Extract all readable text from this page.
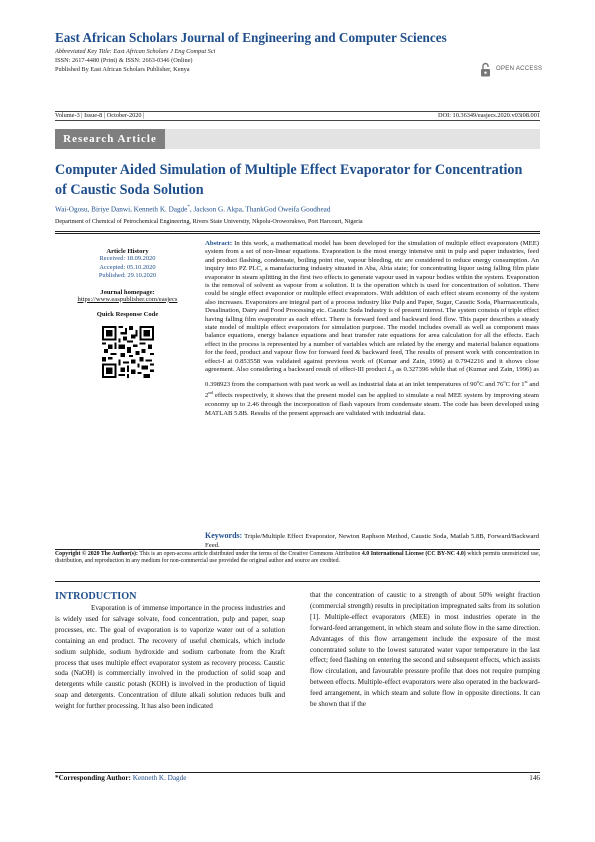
East African Scholars Journal of Engineering and Computer Sciences
Abbreviated Key Title: East African Scholars J Eng Comput Sci
ISSN: 2617-4480 (Print) & ISSN: 2663-0346 (Online)
Published By East African Scholars Publisher, Kenya	OPEN ACCESS
Volume-3 | Issue-8 | October-2020 |	DOI: 10.36349/easjecs.2020.v03i08.001
Research Article
Computer Aided Simulation of Multiple Effect Evaporator for Concentration of Caustic Soda Solution
Wai-Ogosu, Biriye Danwi, Kenneth K. Dagde*, Jackson G. Akpa, ThankGod Oweifa Goodhead
Department of Chemical of Petrochemical Engineering, Rivers State University, Nkpolu-Oroworukwo, Port Harcourt, Nigeria
Article History
Received: 18.09.2020
Accepted: 05.10.2020
Published: 29.10.2020
Journal homepage:
https://www.easpublisher.com/easjecs
Quick Response Code
Abstract: In this work, a mathematical model has been developed for the simulation of multiple effect evaporators (MEE) system from a set of non-linear equations. Evaporation is the most energy intensive unit in pulp and paper industries, feed and product flashing, condensate, boiling point rise, vapour bleeding, etc are considered to reduce energy consumption. An inquiry into PZ PLC, a manufacturing industry situated in Aba, Abia state; for concentrating liquor using falling film plate evaporator in steam splitting in the first two effects to generate vapour used in vapour bodies within the system. Evaporation is the removal of solvent as vapour from a solution. It is the operation which is used for concentration of solution. There could be single effect evaporator or multiple effect evaporators. With addition of each effect steam economy of the system also increases. Evaporators are integral part of a process industry like Pulp and Paper, Sugar, Caustic Soda, Pharmaceuticals, Desalination, Dairy and Food Processing etc. Caustic Soda Industry is of present interest. The system consists of triple effect having falling film evaporator as each effect. There is forward feed and backward feed flow. This paper describes a steady state model of multiple effect evaporators for simulation purpose. The model includes overall as well as component mass balance equations, energy balance equations and heat transfer rate equations for area calculation for all the effects. Each effect in the process is represented by a number of variables which are related by the energy and material balance equations for the feed, product and vapour flow for forward feed & backward feed, The results of present work with concentration in effect-I at 0.853558 was validated against previous work of (Kumar and Zain, 1996) at 0.7942216 and it shows close agreement. Also considering a backward result of effect-III product $L_3$ as 0.327396 while that of (Kumar and Zain, 1996) as 0.398923 from the comparison with past work as well as industrial data at an inlet temperatures of 90$^o$C and 76$^o$C for 1st and 2nd effects respectively, it shows that the present model can be applied to simulate a real MEE system by improving steam economy up to 2.46 through the incorporation of flash vapours from condensate steam. The code has been developed using MATLAB 5.8B. Results of the present approach are validated with industrial data.
Keywords: Triple/Multiple Effect Evaporator, Newton Raphson Method, Caustic Soda, Matlab 5.8B, Forward/Backward Feed.
Copyright © 2020 The Author(s): This is an open-access article distributed under the terms of the Creative Commons Attribution 4.0 International License (CC BY-NC 4.0) which permits unrestricted use, distribution, and reproduction in any medium for non-commercial use provided the original author and source are credited.
INTRODUCTION
Evaporation is of immense importance in the process industries and is widely used for salvage solvate, food concentration, pulp and paper, soap processes, etc. The goal of evaporation is to vaporize water out of a solution containing an end product. The recovery of useful chemicals, which include sodium sulphide, sodium hydroxide and sodium carbonate from the Kraft process that uses multiple effect evaporator system as recovery process. Caustic soda (NaOH) is commercially involved in the production of solid soap and detergents while caustic potash (KOH) is involved in the production of liquid soap and detergents. Concentration of dilute alkali solution reduces bulk and weight for further processing. It has also been indicated
that the concentration of caustic to a strength of about 50% weight fraction (commercial strength) results in precipitation impregnated salts from its solution [1]. Multiple-effect evaporators (MEE) in most industries operate in the forward-feed arrangement, in which steam and solute flow in the same direction. Advantages of this flow arrangement include the exposure of the most concentrated solute to the lowest saturated water vapor temperature in the last effect; feed flashing on entering the second and subsequent effects, which assists flow circulation, and favourable pressure profile that does not require pumping between effects. Multiple-effect evaporators were also operated in the backward-feed arrangement, in which steam and solute flow in opposite directions. It can be shown that if the
*Corresponding Author: Kenneth K. Dagde	146
